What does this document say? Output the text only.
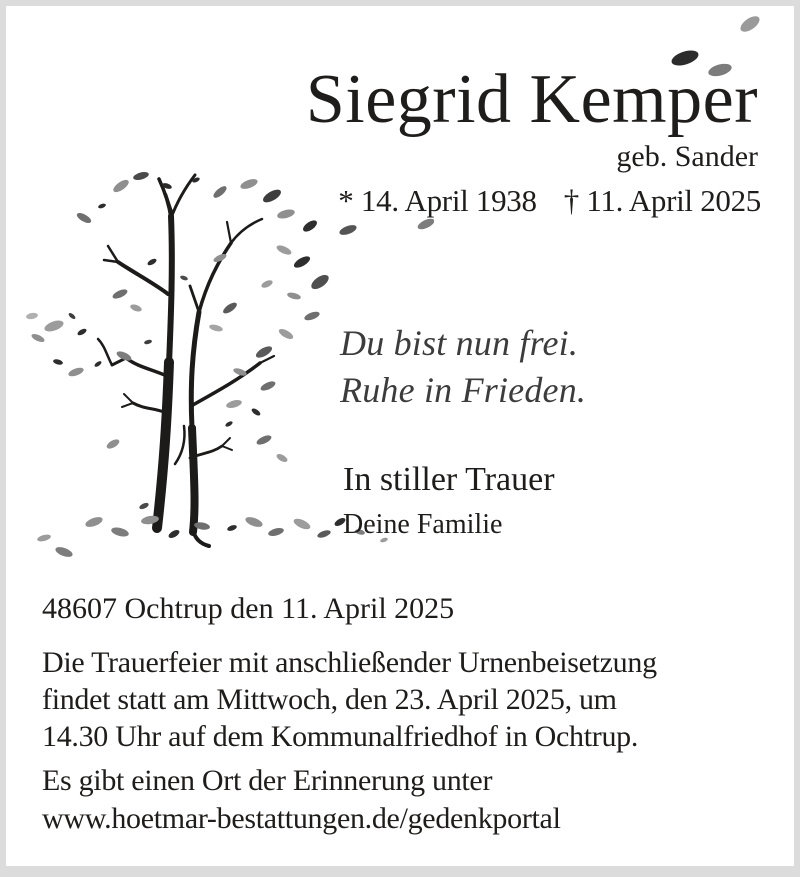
Siegrid Kemper
geb. Sander
* 14. April 1938 † 11. April 2025
Du bist nun frei.
Ruhe in Frieden.
In stiller Trauer
Deine Familie
48607 Ochtrup den 11. April 2025
Die Trauerfeier mit anschließender Urnenbeisetzung
findet statt am Mittwoch, den 23. April 2025, um
14.30 Uhr auf dem Kommunalfriedhof in Ochtrup.
Es gibt einen Ort der Erinnerung unter
www.hoetmar-bestattungen.de/gedenkportal
